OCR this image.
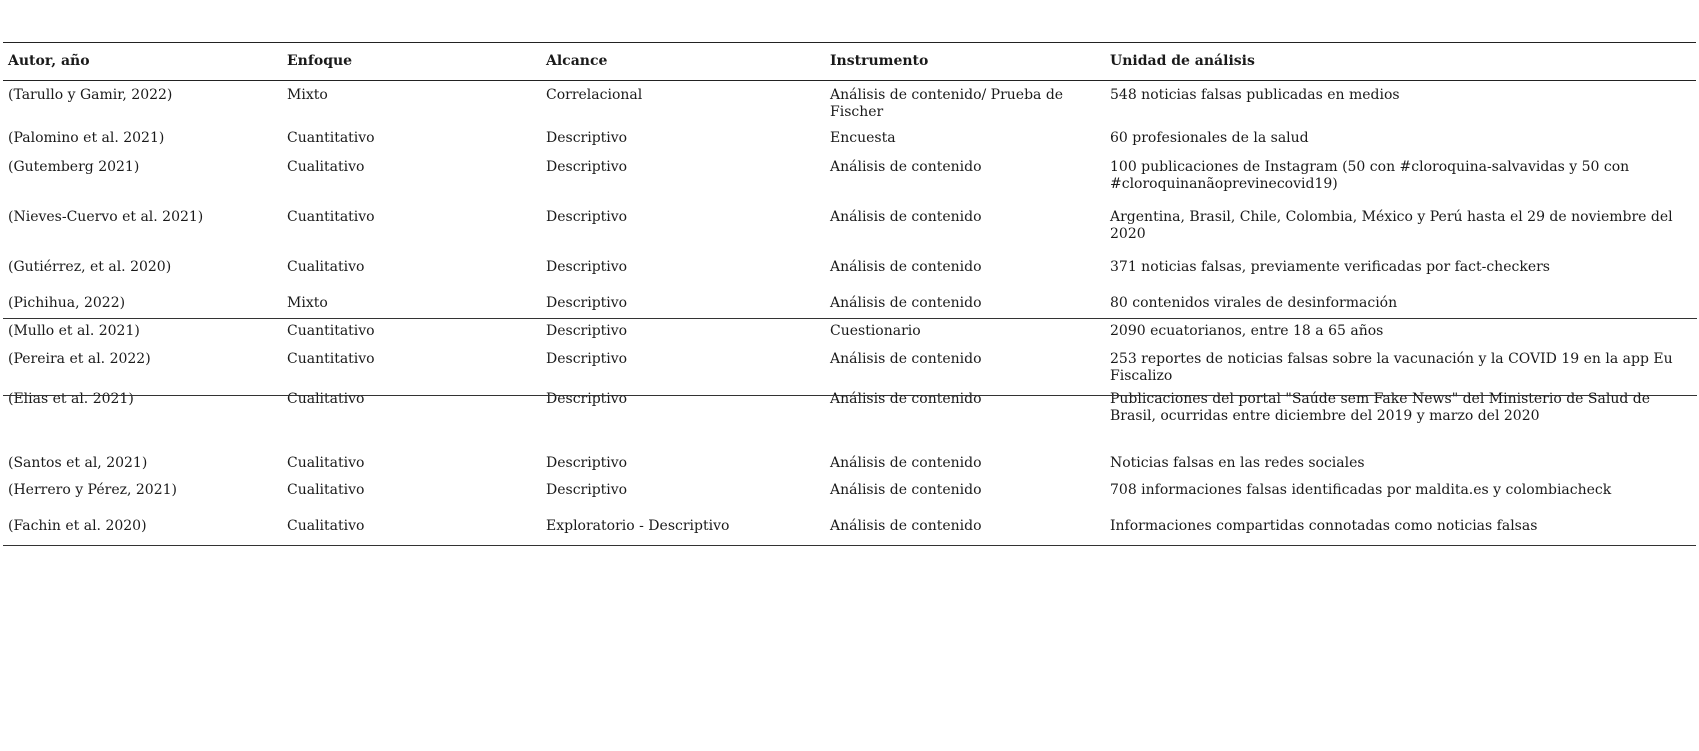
Autor, año	Enfoque	Alcance	Instrumento	Unidad de análisis
(Tarullo y Gamir, 2022)	Mixto	Correlacional	Análisis de contenido/ Prueba de Fischer	548 noticias falsas publicadas en medios
(Palomino et al. 2021)	Cuantitativo	Descriptivo	Encuesta	60 profesionales de la salud
(Gutemberg 2021)	Cualitativo	Descriptivo	Análisis de contenido	100 publicaciones de Instagram (50 con #cloroquina-salvavidas y 50 con #cloroquinanãoprevinecovid19)
(Nieves-Cuervo et al. 2021)	Cuantitativo	Descriptivo	Análisis de contenido	Argentina, Brasil, Chile, Colombia, México y Perú hasta el 29 de noviembre del 2020
(Gutiérrez, et al. 2020)	Cualitativo	Descriptivo	Análisis de contenido	371 noticias falsas, previamente verificadas por fact-checkers
(Pichihua, 2022)	Mixto	Descriptivo	Análisis de contenido	80 contenidos virales de desinformación
(Mullo et al. 2021)	Cuantitativo	Descriptivo	Cuestionario	2090 ecuatorianos, entre 18 a 65 años
(Pereira et al. 2022)	Cuantitativo	Descriptivo	Análisis de contenido	253 reportes de noticias falsas sobre la vacunación y la COVID 19 en la app Eu Fiscalizo
(Elias et al. 2021)	Cualitativo	Descriptivo	Análisis de contenido	Publicaciones del portal "Saúde sem Fake News" del Ministerio de Salud de Brasil, ocurridas entre diciembre del 2019 y marzo del 2020
(Santos et al, 2021)	Cualitativo	Descriptivo	Análisis de contenido	Noticias falsas en las redes sociales
(Herrero y Pérez, 2021)	Cualitativo	Descriptivo	Análisis de contenido	708 informaciones falsas identificadas por maldita.es y colombiacheck
(Fachin et al. 2020)	Cualitativo	Exploratorio - Descriptivo	Análisis de contenido	Informaciones compartidas connotadas como noticias falsas
